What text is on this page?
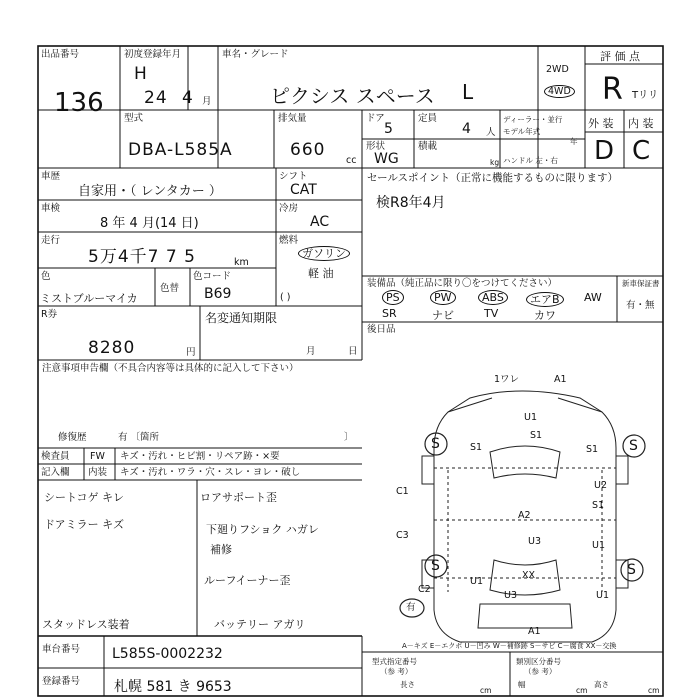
出品番号
136
初度登録年月
H
24 4 月
車名・グレード
ピクシス スペース L
2WD
4WD
評 価 点
R Tリリ
外 装 内 装
D C
型式
DBA-L585A
排気量
660
cc
ドア
5
定員
4 人
ディーラー・並行
モデル年式
年
形状
WG
積載
kg ハンドル 左・右
車歴
自家用・（ レンタカー ）
車検
8 年 4 月(14 日)
走行
5万4千7 7 5	km
色
ミストブルーマイカ
色替
色コード
B69	( )
R券
8280	円
名変通知期限
月	日
シフト
CAT
冷房
AC
燃料
ガソリン
軽 油
セールスポイント（正常に機能するものに限ります）
検R8年4月
装備品（純正品に限り〇をつけてください）	新車保証書
有・無
PS	PW	ABS	エアB	AW
SR	ナビ	TV	カワ
後日品
注意事項申告欄（不具合内容等は具体的に記入して下さい）
修復歴	有 〔箇所	〕
検査員
記入欄
FW
内装
キズ・汚れ・ヒビ割・リペア跡・×要
キズ・汚れ・ワラ・穴・スレ・ヨレ・破し
シートコゲ キレ	ロアサポート歪
ドアミラー キズ	下廻りフショク ハガレ
補修
ルーフイーナー歪
スタッドレス装着	バッテリー アガリ
車台番号 L585S-0002232
登録番号 札幌 581 き 9653
型式指定番号
（参 考）
類別区分番号
（参 考）
長さ
cm
幅
cm
高さ
cm
S	S
S	S
有
1ワレ	A1
U1
S1
S1	S1
C1
U2
S1
A2
U3
C3
U1
C2
U1
XX
U3
A1
U1
A－キズ E－エクボ U－凹み W－補修跡 S－サビ C－腐食 XX－交換
